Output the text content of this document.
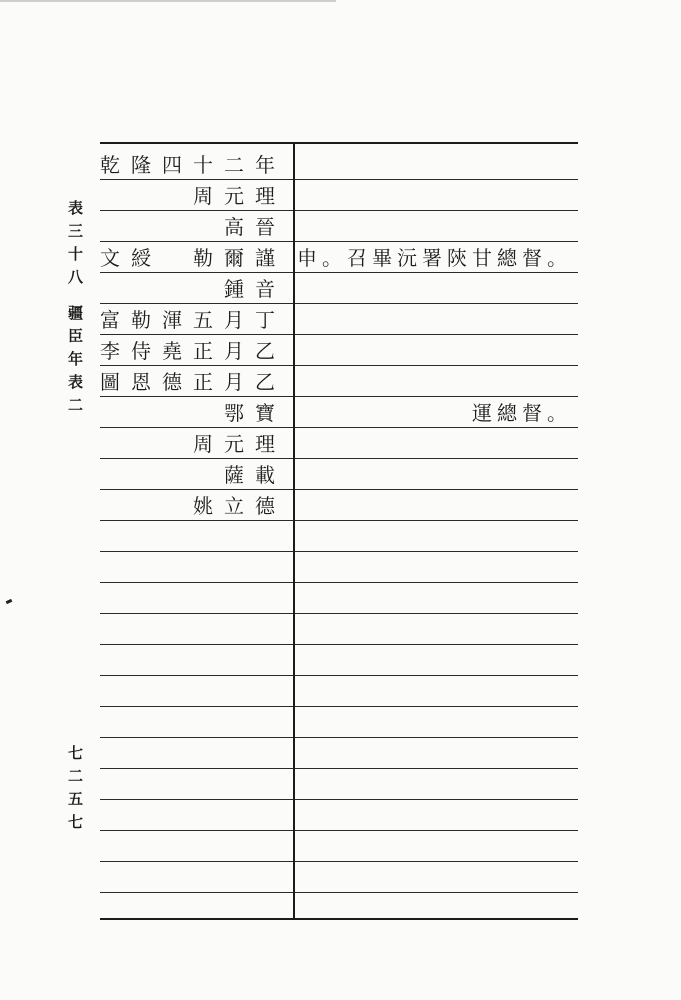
表三十八
疆臣年表二
七二五七
乾隆四十二年
周元理
高晉
文綬　勒爾謹 申。召畢沅署陝甘總督。
鍾音
富勒渾五月丁
李侍堯正月乙
圖恩德正月乙
鄂寶	運總督。
周元理
薩載
姚立德
